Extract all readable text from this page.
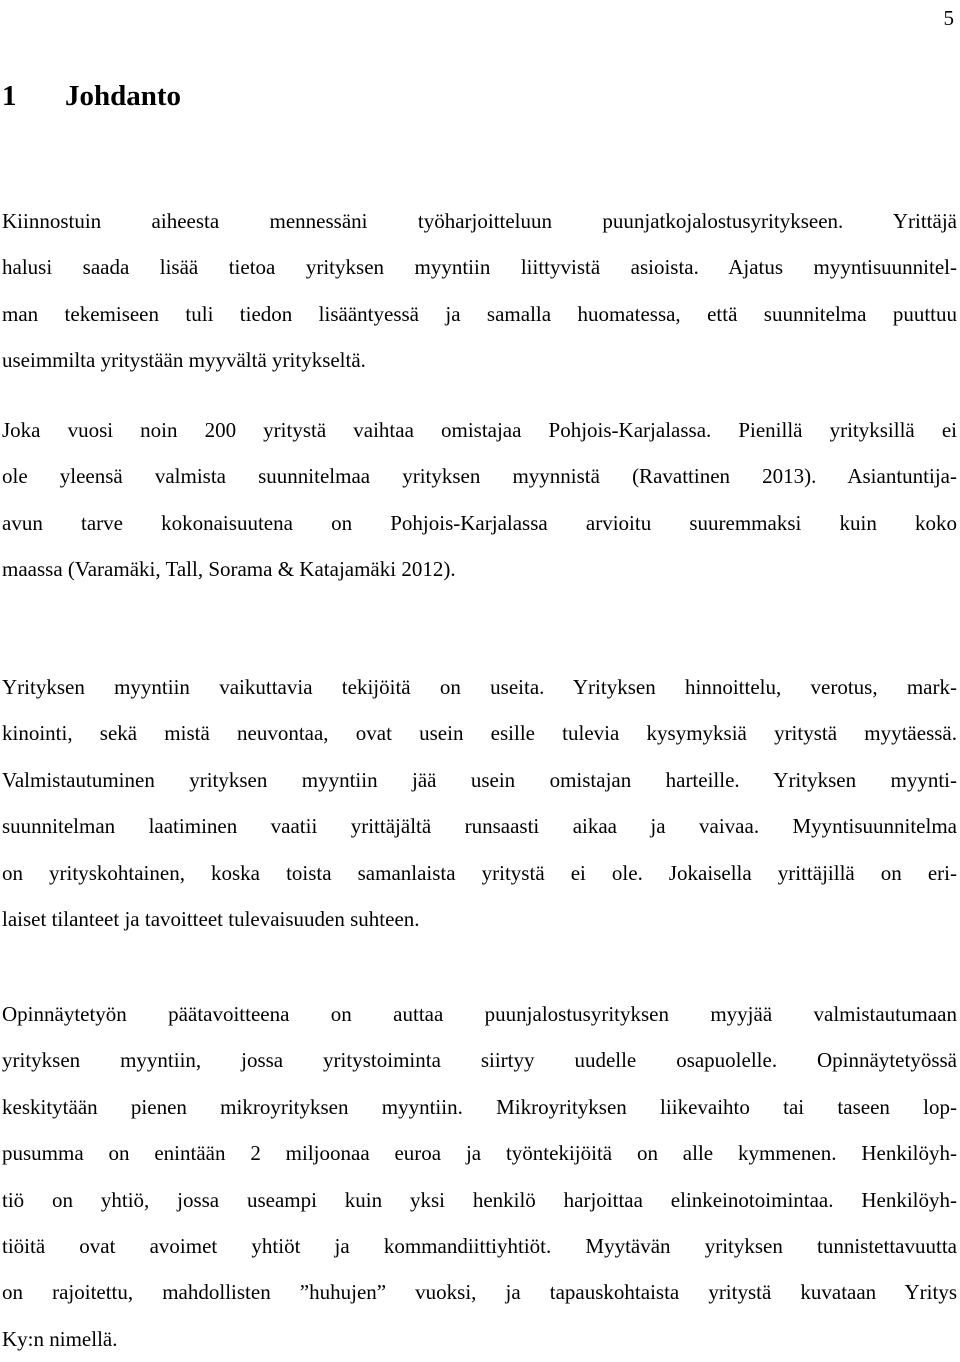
5
1 Johdanto
Kiinnostuin aiheesta mennessäni työharjoitteluun puunjatkojalostusyritykseen. Yrittäjä
halusi saada lisää tietoa yrityksen myyntiin liittyvistä asioista. Ajatus myyntisuunnitel-
man tekemiseen tuli tiedon lisääntyessä ja samalla huomatessa, että suunnitelma puuttuu
useimmilta yritystään myyvältä yritykseltä.
Joka vuosi noin 200 yritystä vaihtaa omistajaa Pohjois-Karjalassa. Pienillä yrityksillä ei
ole yleensä valmista suunnitelmaa yrityksen myynnistä (Ravattinen 2013). Asiantuntija-
avun tarve kokonaisuutena on Pohjois-Karjalassa arvioitu suuremmaksi kuin koko
maassa (Varamäki, Tall, Sorama & Katajamäki 2012).
Yrityksen myyntiin vaikuttavia tekijöitä on useita. Yrityksen hinnoittelu, verotus, mark-
kinointi, sekä mistä neuvontaa, ovat usein esille tulevia kysymyksiä yritystä myytäessä.
Valmistautuminen yrityksen myyntiin jää usein omistajan harteille. Yrityksen myynti-
suunnitelman laatiminen vaatii yrittäjältä runsaasti aikaa ja vaivaa. Myyntisuunnitelma
on yrityskohtainen, koska toista samanlaista yritystä ei ole. Jokaisella yrittäjillä on eri-
laiset tilanteet ja tavoitteet tulevaisuuden suhteen.
Opinnäytetyön päätavoitteena on auttaa puunjalostusyrityksen myyjää valmistautumaan
yrityksen myyntiin, jossa yritystoiminta siirtyy uudelle osapuolelle. Opinnäytetyössä
keskitytään pienen mikroyrityksen myyntiin. Mikroyrityksen liikevaihto tai taseen lop-
pusumma on enintään 2 miljoonaa euroa ja työntekijöitä on alle kymmenen. Henkilöyh-
tiö on yhtiö, jossa useampi kuin yksi henkilö harjoittaa elinkeinotoimintaa. Henkilöyh-
tiöitä ovat avoimet yhtiöt ja kommandiittiyhtiöt. Myytävän yrityksen tunnistettavuutta
on rajoitettu, mahdollisten ”huhujen” vuoksi, ja tapauskohtaista yritystä kuvataan Yritys
Ky:n nimellä.
